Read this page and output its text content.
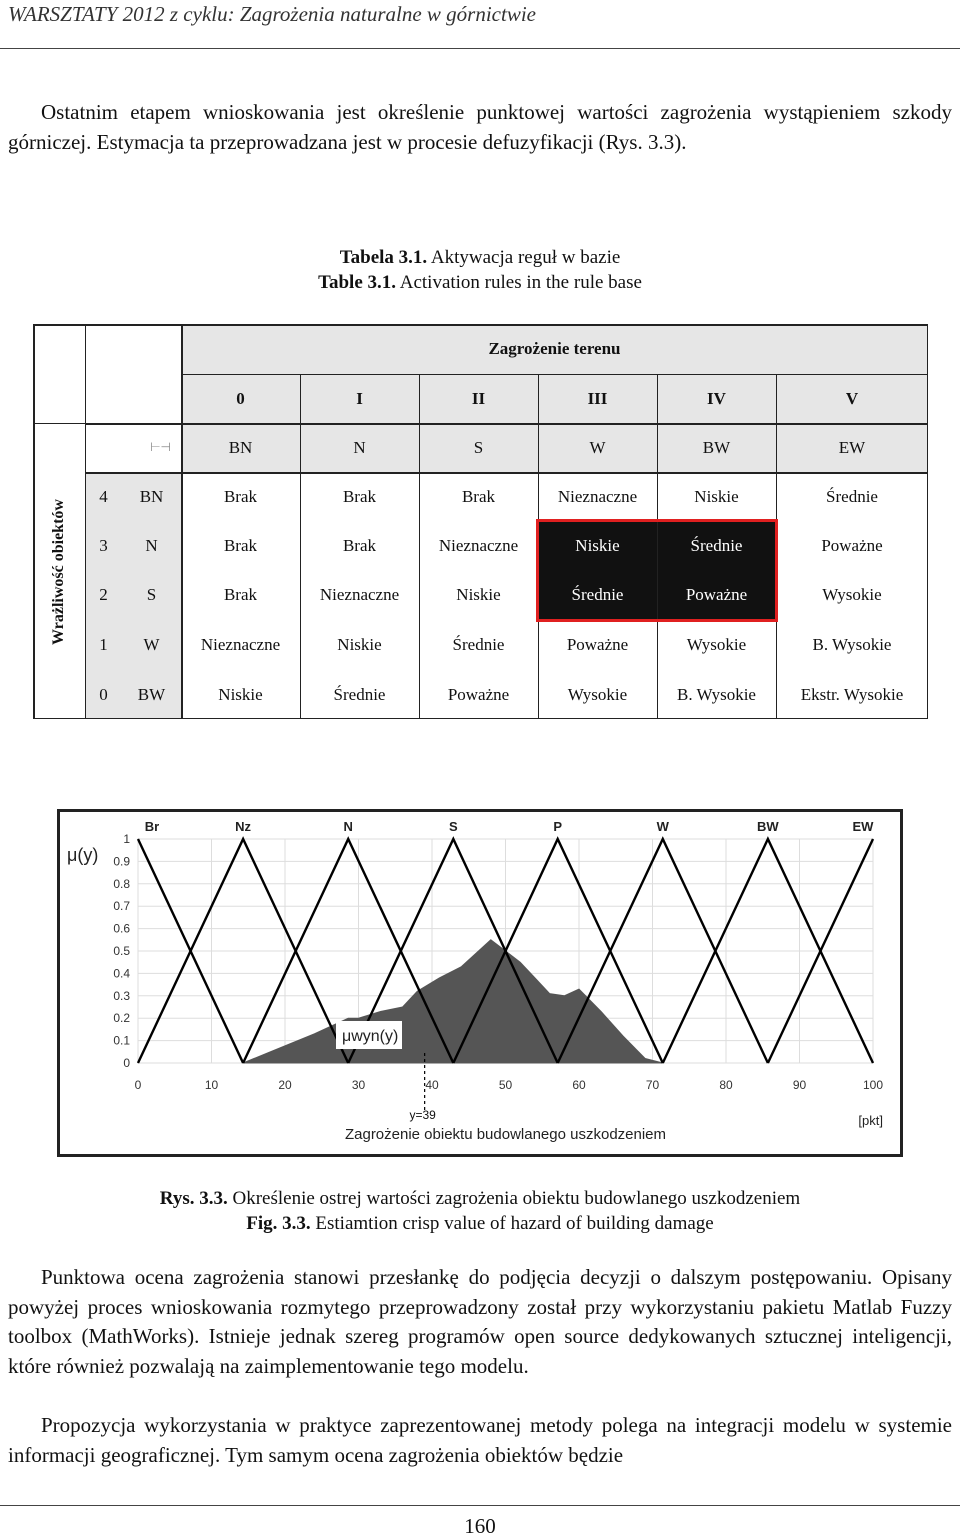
WARSZTATY 2012 z cyklu: Zagrożenia naturalne w górnictwie

Ostatnim etapem wnioskowania jest określenie punktowej wartości zagrożenia wystąpieniem szkody górniczej. Estymacja ta przeprowadzana jest w procesie defuzyfikacji (Rys. 3.3).

Tabela 3.1. Aktywacja reguł w bazie
Table 3.1. Activation rules in the rule base
Zagrożenie terenu
0	I	II	III	IV	V
⊢⊣	BN	N	S	W	BW	EW
4	BN	Brak	Brak	Brak	Nieznaczne	Niskie	Średnie
3	N	Brak	Brak	Nieznaczne	Niskie	Średnie	Poważne
2	S	Brak	Nieznaczne	Niskie	Średnie	Poważne	Wysokie
1	W	Nieznaczne	Niskie	Średnie	Poważne	Wysokie	B. Wysokie
0	BW	Niskie	Średnie	Poważne	Wysokie	B. Wysokie	Ekstr. Wysokie
Wrażliwość obiektów
0	10	20	30	40	50	60	70	80	90	100
0
0.1
0.2
0.3
0.4
0.5
0.6
0.7
0.8
0.9
1
Br	Nz	N	S	P	W	BW	EW
y=39
μ(y)
μwyn(y)
Zagrożenie obiektu budowlanego uszkodzeniem
[pkt]
Rys. 3.3. Określenie ostrej wartości zagrożenia obiektu budowlanego uszkodzeniem
Fig. 3.3. Estiamtion crisp value of hazard of building damage

Punktowa ocena zagrożenia stanowi przesłankę do podjęcia decyzji o dalszym postępowaniu. Opisany powyżej proces wnioskowania rozmytego przeprowadzony został przy wykorzystaniu pakietu Matlab Fuzzy toolbox (MathWorks). Istnieje jednak szereg programów open source dedykowanych sztucznej inteligencji, które również pozwalają na zaimplementowanie tego modelu.

Propozycja wykorzystania w praktyce zaprezentowanej metody polega na integracji modelu w systemie informacji geograficznej. Tym samym ocena zagrożenia obiektów będzie

160
